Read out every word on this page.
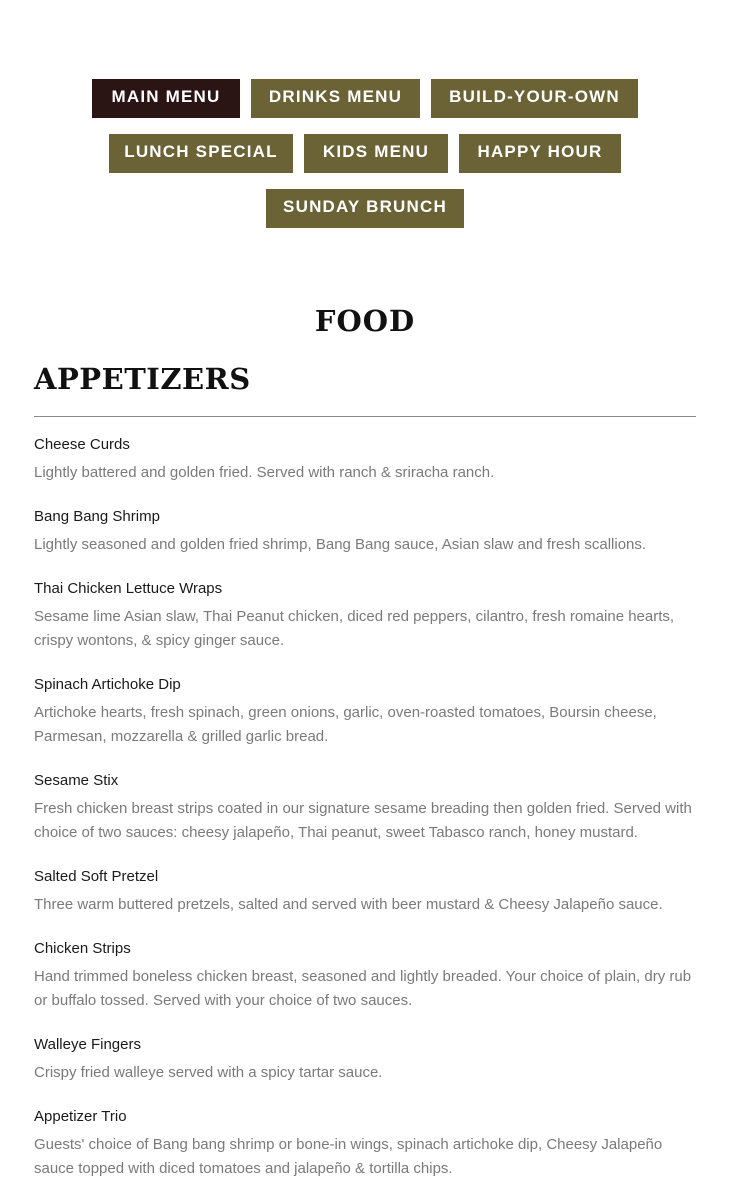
MAIN MENU	DRINKS MENU	BUILD-YOUR-OWN
LUNCH SPECIAL	KIDS MENU	HAPPY HOUR
SUNDAY BRUNCH
FOOD
APPETIZERS
Cheese Curds
Lightly battered and golden fried. Served with ranch & sriracha ranch.
Bang Bang Shrimp
Lightly seasoned and golden fried shrimp, Bang Bang sauce, Asian slaw and fresh scallions.
Thai Chicken Lettuce Wraps
Sesame lime Asian slaw, Thai Peanut chicken, diced red peppers, cilantro, fresh romaine hearts, crispy wontons, & spicy ginger sauce.
Spinach Artichoke Dip
Artichoke hearts, fresh spinach, green onions, garlic, oven-roasted tomatoes, Boursin cheese, Parmesan, mozzarella & grilled garlic bread.
Sesame Stix
Fresh chicken breast strips coated in our signature sesame breading then golden fried. Served with choice of two sauces: cheesy jalapeño, Thai peanut, sweet Tabasco ranch, honey mustard.
Salted Soft Pretzel
Three warm buttered pretzels, salted and served with beer mustard & Cheesy Jalapeño sauce.
Chicken Strips
Hand trimmed boneless chicken breast, seasoned and lightly breaded. Your choice of plain, dry rub or buffalo tossed. Served with your choice of two sauces.
Walleye Fingers
Crispy fried walleye served with a spicy tartar sauce.
Appetizer Trio
Guests' choice of Bang bang shrimp or bone-in wings, spinach artichoke dip, Cheesy Jalapeño sauce topped with diced tomatoes and jalapeño & tortilla chips.
